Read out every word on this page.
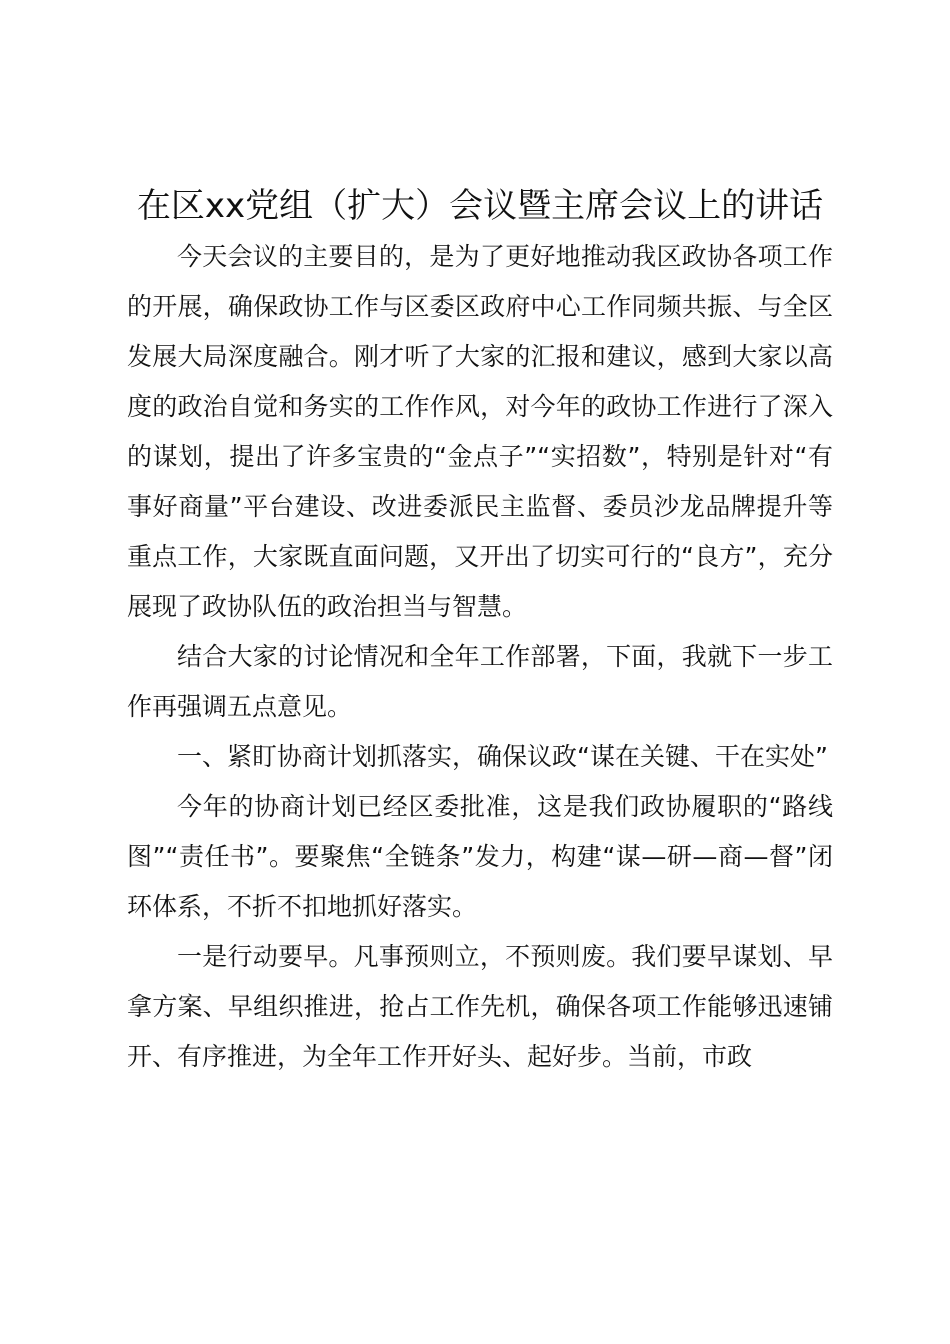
在区xx党组（扩大）会议暨主席会议上的讲话

今天会议的主要目的，是为了更好地推动我区政协各项工作的开展，确保政协工作与区委区政府中心工作同频共振、与全区发展大局深度融合。刚才听了大家的汇报和建议，感到大家以高度的政治自觉和务实的工作作风，对今年的政协工作进行了深入的谋划，提出了许多宝贵的“金点子”“实招数”，特别是针对“有事好商量”平台建设、改进委派民主监督、委员沙龙品牌提升等重点工作，大家既直面问题，又开出了切实可行的“良方”，充分展现了政协队伍的政治担当与智慧。

结合大家的讨论情况和全年工作部署，下面，我就下一步工作再强调五点意见。

一、紧盯协商计划抓落实，确保议政“谋在关键、干在实处”

今年的协商计划已经区委批准，这是我们政协履职的“路线图”“责任书”。要聚焦“全链条”发力，构建“谋—研—商—督”闭环体系，不折不扣地抓好落实。

一是行动要早。凡事预则立，不预则废。我们要早谋划、早拿方案、早组织推进，抢占工作先机，确保各项工作能够迅速铺开、有序推进，为全年工作开好头、起好步。当前，市政
